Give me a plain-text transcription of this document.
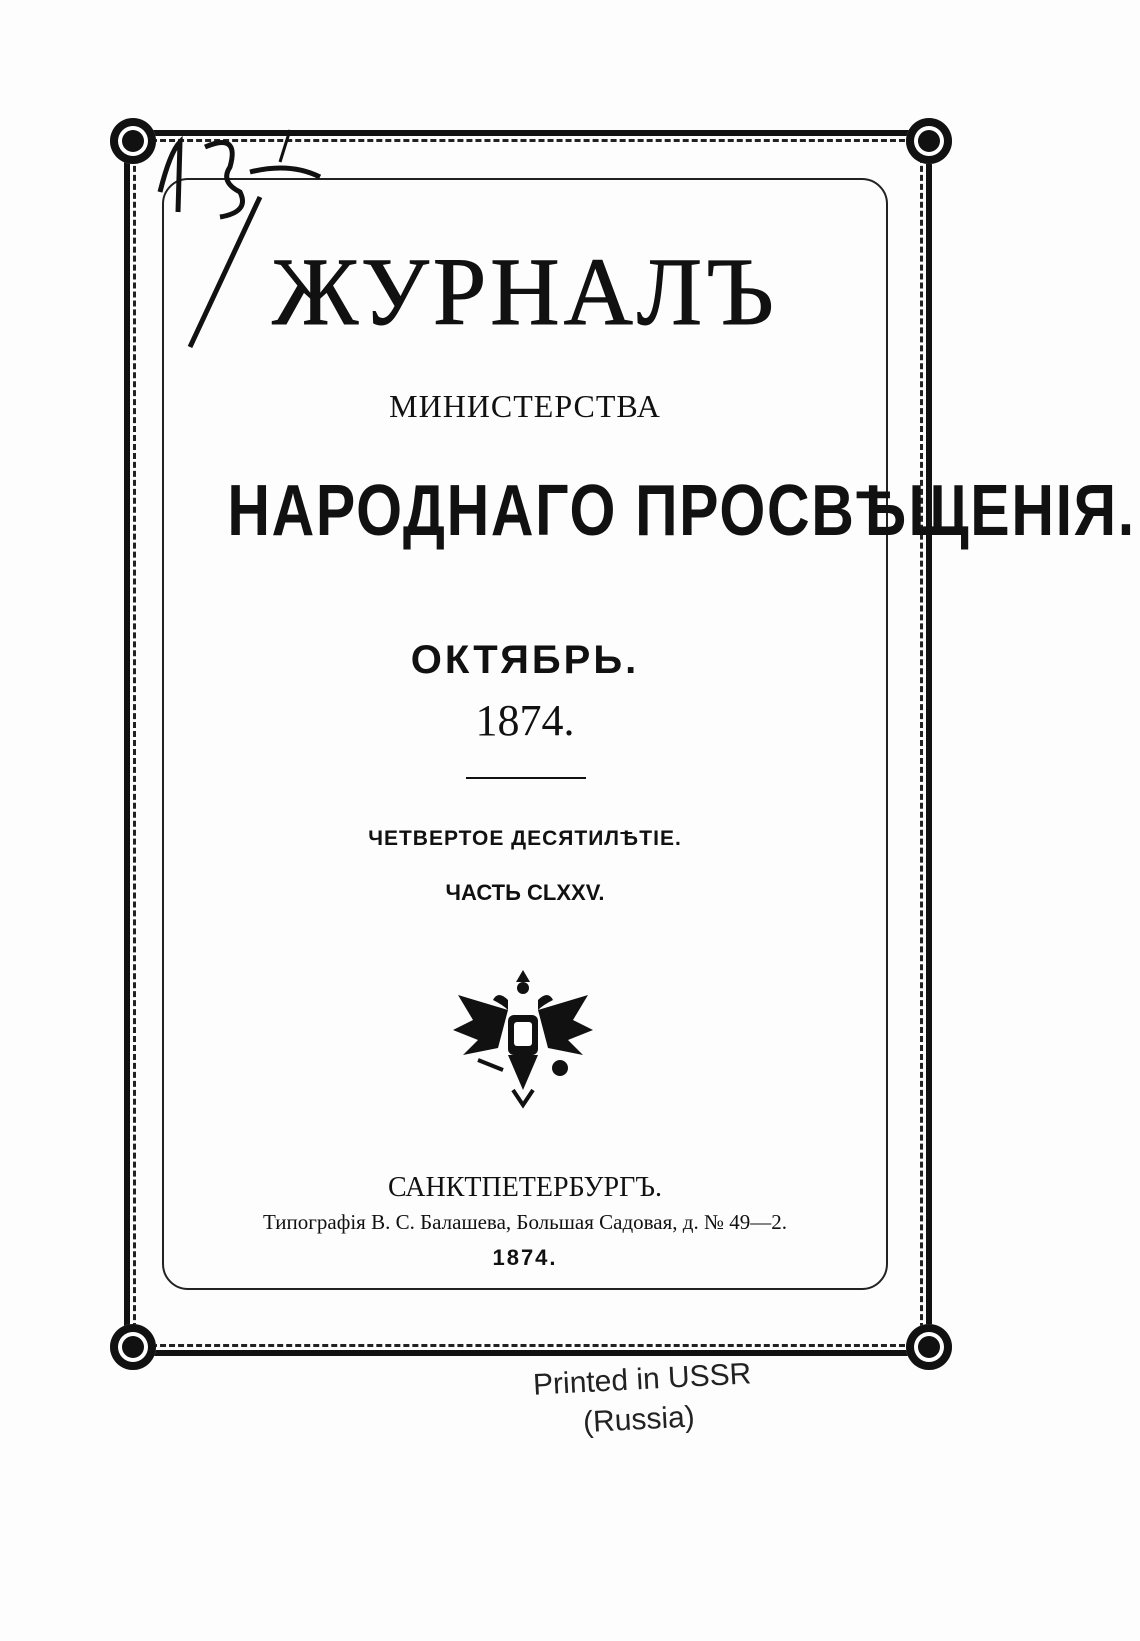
ЖУРНАЛЪ
МИНИСТЕРСТВА
НАРОДНАГО ПРОСВѢЩЕНІЯ.
ОКТЯБРЬ.
1874.
ЧЕТВЕРТОЕ ДЕСЯТИЛѢТІЕ.
ЧАСТЬ CLXXV.
САНКТПЕТЕРБУРГЪ.
Типографія В. С. Балашева, Большая Садовая, д. № 49—2.
1874.
Printed in USSR
(Russia)
